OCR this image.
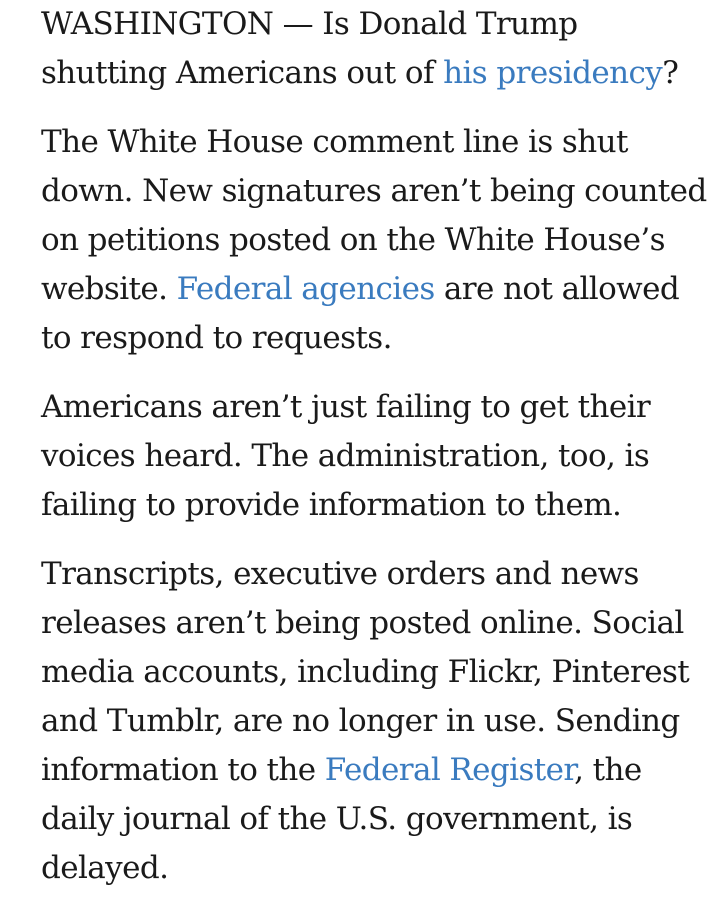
WASHINGTON — Is Donald Trump shutting Americans out of his presidency?

The White House comment line is shut down. New signatures aren’t being counted on petitions posted on the White House’s website. Federal agencies are not allowed to respond to requests.

Americans aren’t just failing to get their voices heard. The administration, too, is failing to provide information to them.

Transcripts, executive orders and news releases aren’t being posted online. Social media accounts, including Flickr, Pinterest and Tumblr, are no longer in use. Sending information to the Federal Register, the daily journal of the U.S. government, is delayed.
